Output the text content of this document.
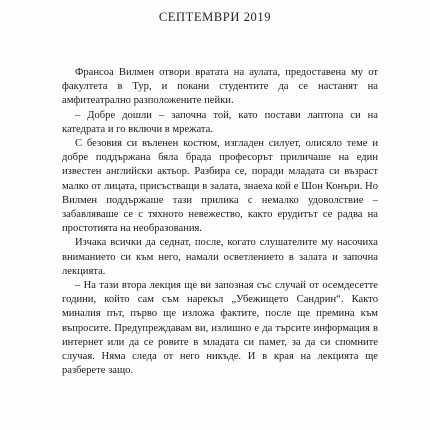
СЕПТЕМВРИ 2019

Франсоа Вилмен отвори вратата на аулата, предоставена му от факултета в Тур, и покани студентите да се настанят на амфитеатрално разположените пейки.

– Добре дошли – започна той, като постави лаптопа си на катедрата и го включи в мрежата.

С безовия си въленен костюм, изгладен силует, олисяло теме и добре поддържана бяла брада професорът приличаше на един известен английски актьор. Разбира се, поради младата си възраст малко от лицата, присъстващи в залата, знаеха кой е Шон Конъри. Но Вилмен поддържаше тази прилика с немалко удоволствие – забавляваше се с тяхното невежество, както ерудитът се радва на простотията на необразования.

Изчака всички да седнат, после, когато слушателите му насочиха вниманието си към него, намали осветлението в залата и започна лекцията.

– На тази втора лекция ще ви запозная със случай от осемдесетте години, който сам съм нарекъл „Убежището Сандрин“. Както миналия път, първо ще изложа фактите, после ще премина към въпросите. Предупреждавам ви, излишно е да търсите информация в интернет или да се ровите в младата си памет, за да си спомните случая. Няма следа от него никъде. И в края на лекцията ще разберете защо.
